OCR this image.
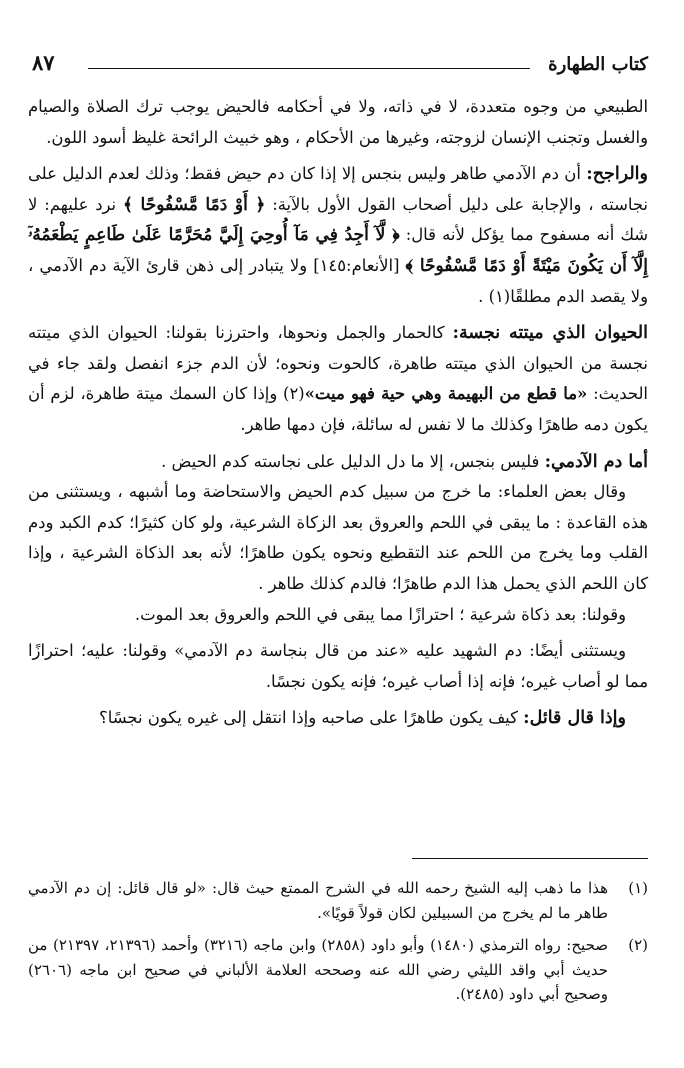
كتاب الطهارة
٨٧

الطبيعي من وجوه متعددة، لا في ذاته، ولا في أحكامه فالحيض يوجب ترك الصلاة والصيام والغسل وتجنب الإنسان لزوجته، وغيرها من الأحكام ، وهو خبيث الرائحة غليظ أسود اللون.

والراجح: أن دم الآدمي طاهر وليس بنجس إلا إذا كان دم حيض فقط؛ وذلك لعدم الدليل على نجاسته ، والإجابة على دليل أصحاب القول الأول بالآية: ﴿ أَوْ دَمًا مَّسْفُوحًا ﴾ نرد عليهم: لا شك أنه مسفوح مما يؤكل لأنه قال: ﴿ لَّآ أَجِدُ فِي مَآ أُوحِيَ إِلَيَّ مُحَرَّمًا عَلَىٰ طَاعِمٍ يَطْعَمُهُۥٓ إِلَّآ أَن يَكُونَ مَيْتَةً أَوْ دَمًا مَّسْفُوحًا ﴾ [الأنعام:١٤٥] ولا يتبادر إلى ذهن قارئ الآية دم الآدمي ، ولا يقصد الدم مطلقًا(١) .

الحيوان الذي ميتته نجسة: كالحمار والجمل ونحوها، واحترزنا بقولنا: الحيوان الذي ميتته نجسة من الحيوان الذي ميتته طاهرة، كالحوت ونحوه؛ لأن الدم جزء انفصل ولقد جاء في الحديث: «ما قطع من البهيمة وهي حية فهو ميت»(٢) وإذا كان السمك ميتة طاهرة، لزم أن يكون دمه طاهرًا وكذلك ما لا نفس له سائلة، فإن دمها طاهر.

أما دم الآدمي: فليس بنجس، إلا ما دل الدليل على نجاسته كدم الحيض .

وقال بعض العلماء: ما خرج من سبيل كدم الحيض والاستحاضة وما أشبهه ، ويستثنى من هذه القاعدة : ما يبقى في اللحم والعروق بعد الزكاة الشرعية، ولو كان كثيرًا؛ كدم الكبد ودم القلب وما يخرج من اللحم عند التقطيع ونحوه يكون طاهرًا؛ لأنه بعد الذكاة الشرعية ، وإذا كان اللحم الذي يحمل هذا الدم طاهرًا؛ فالدم كذلك طاهر .

وقولنا: بعد ذكاة شرعية ؛ احترازًا مما يبقى في اللحم والعروق بعد الموت.

ويستثنى أيضًا: دم الشهيد عليه «عند من قال بنجاسة دم الآدمي» وقولنا: عليه؛ احترازًا مما لو أصاب غيره؛ فإنه إذا أصاب غيره؛ فإنه يكون نجسًا.

وإذا قال قائل: كيف يكون طاهرًا على صاحبه وإذا انتقل إلى غيره يكون نجسًا؟

(١)
هذا ما ذهب إليه الشيخ رحمه الله في الشرح الممتع حيث قال: «لو قال قائل: إن دم الآدمي طاهر ما لم يخرج من السبيلين لكان قولاً قويًا».

(٢)
صحيح: رواه الترمذي (١٤٨٠) وأبو داود (٢٨٥٨) وابن ماجه (٣٢١٦) وأحمد (٢١٣٩٦، ٢١٣٩٧) من حديث أبي واقد الليثي رضي الله عنه وصححه العلامة الألباني في صحيح ابن ماجه (٢٦٠٦) وصحيح أبي داود (٢٤٨٥).
